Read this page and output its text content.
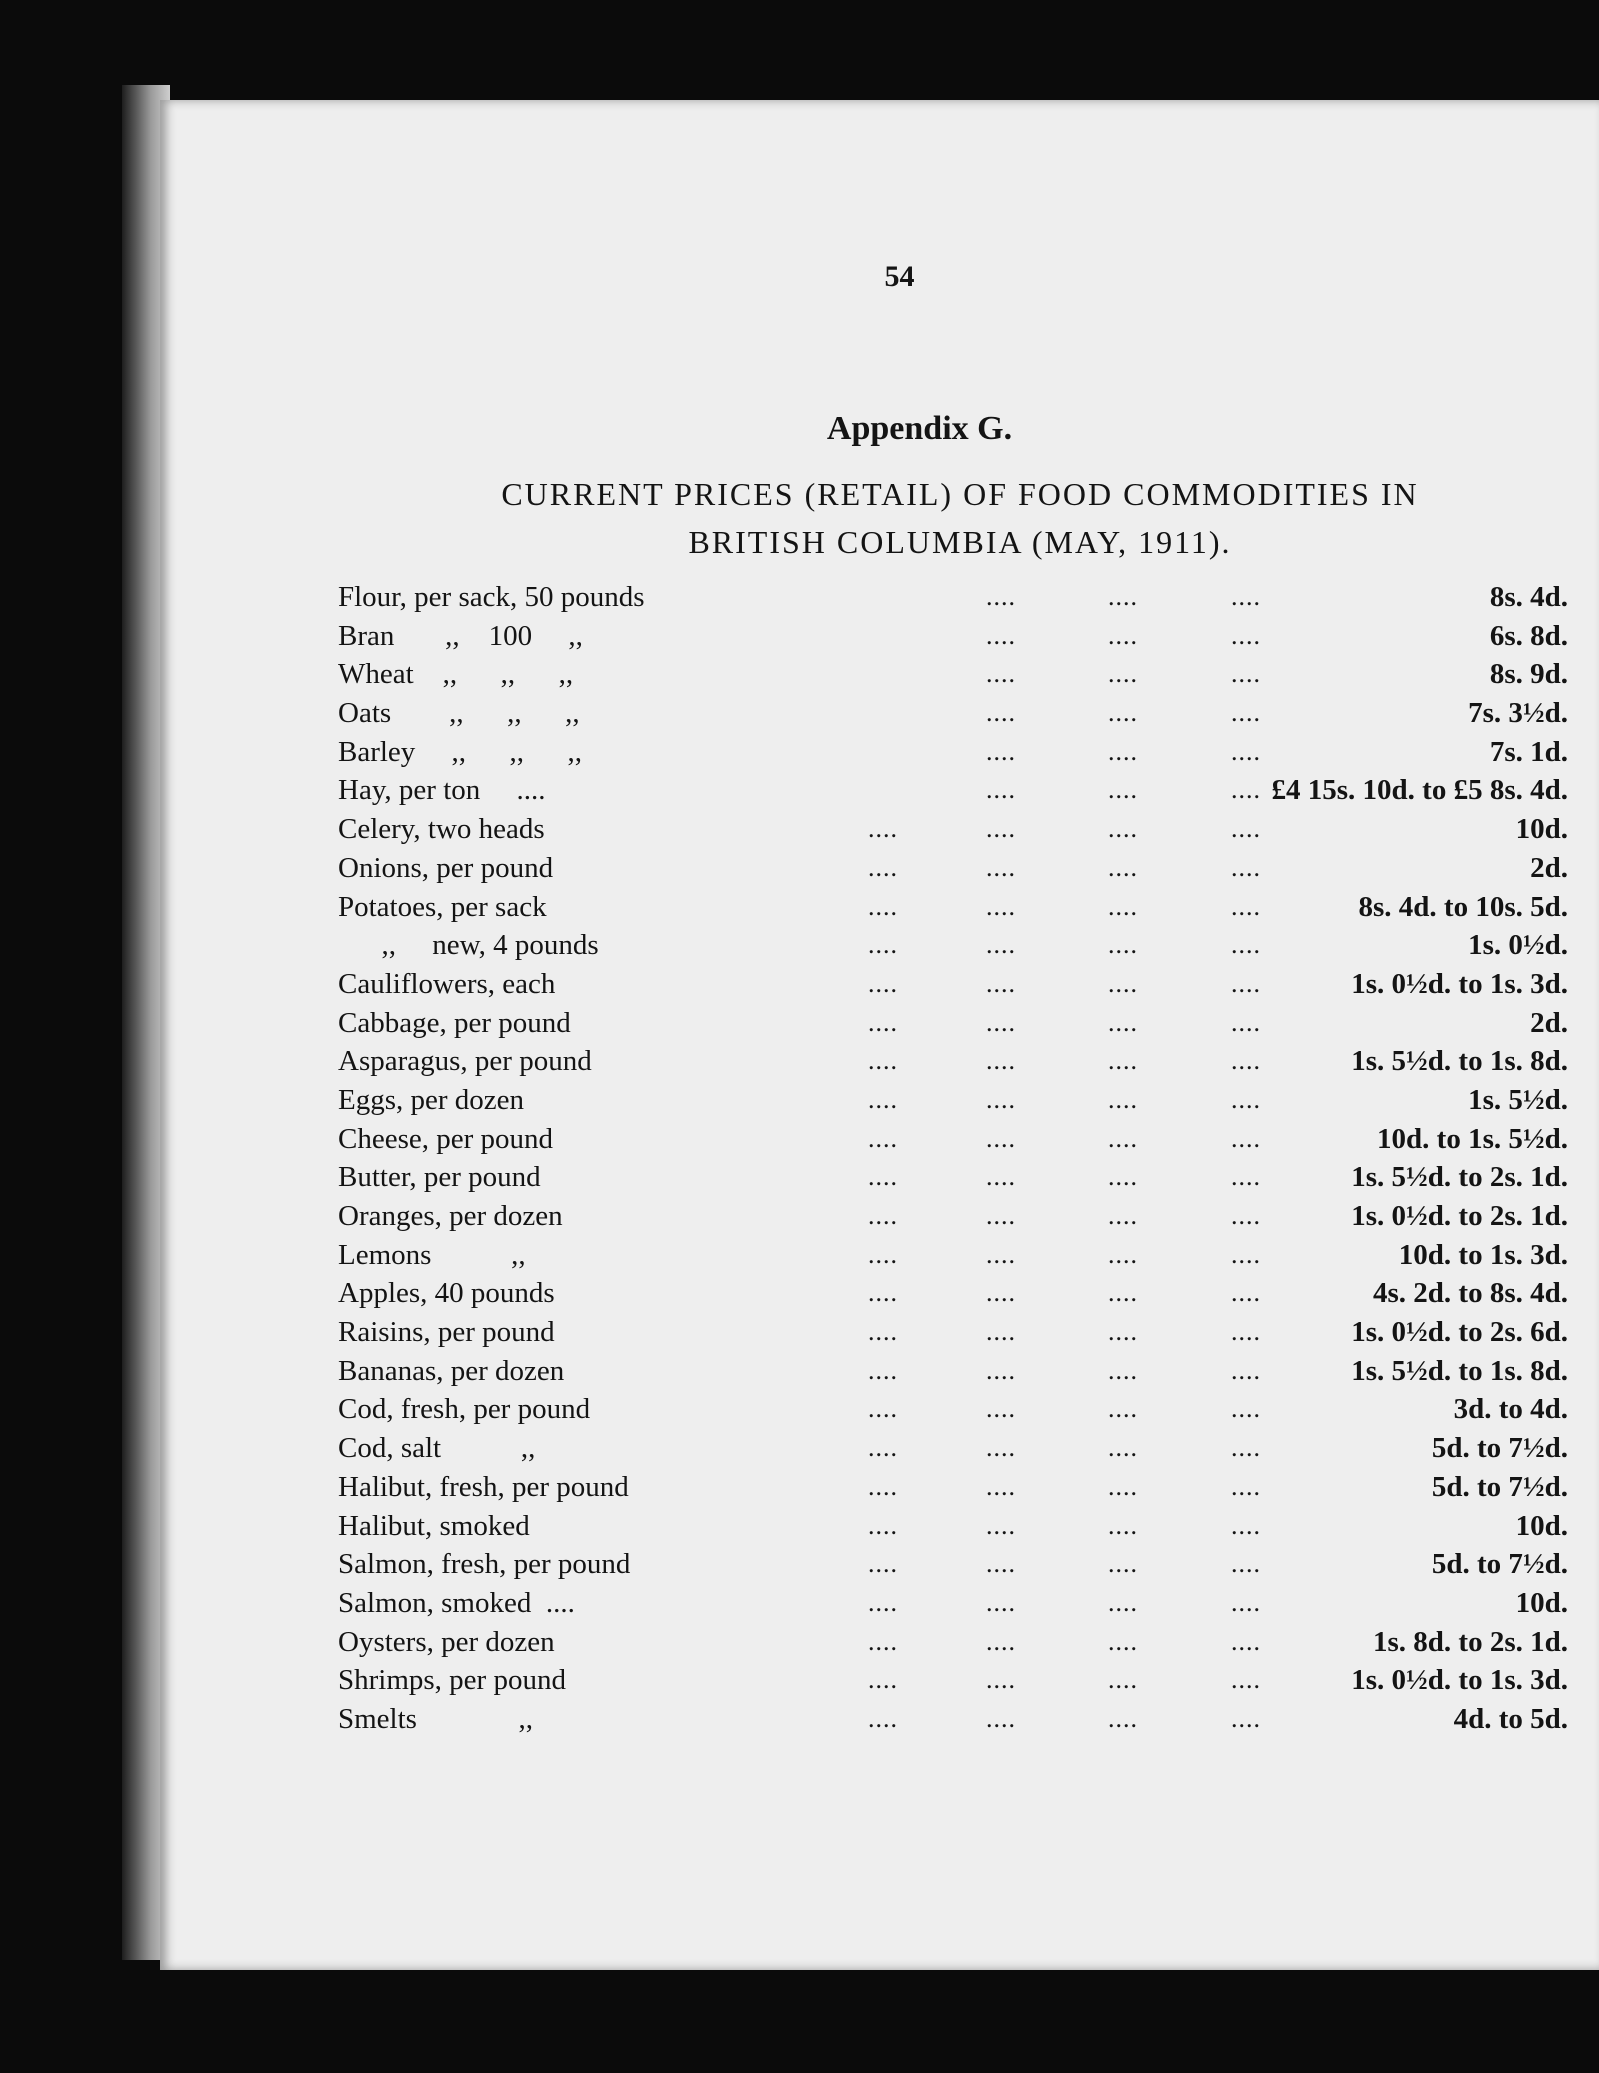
54
Appendix G.
CURRENT PRICES (RETAIL) OF FOOD COMMODITIES IN
BRITISH COLUMBIA (MAY, 1911).
Flour, per sack, 50 pounds	....	....	....	8s. 4d.
Bran       ,,    100     ,,	....	....	....	6s. 8d.
Wheat    ,,      ,,      ,,	....	....	....	8s. 9d.
Oats        ,,      ,,      ,,	....	....	....	7s. 3½d.
Barley     ,,      ,,      ,,	....	....	....	7s. 1d.
Hay, per ton     ....	....	....	.... £4 15s. 10d. to £5 8s. 4d.
Celery, two heads	....	....	....	....	10d.
Onions, per pound	....	....	....	....	2d.
Potatoes, per sack	....	....	....	....	8s. 4d. to 10s. 5d.
,,     new, 4 pounds	....	....	....	....	1s. 0½d.
Cauliflowers, each	....	....	....	....	1s. 0½d. to 1s. 3d.
Cabbage, per pound	....	....	....	....	2d.
Asparagus, per pound	....	....	....	....	1s. 5½d. to 1s. 8d.
Eggs, per dozen	....	....	....	....	1s. 5½d.
Cheese, per pound	....	....	....	....	10d. to 1s. 5½d.
Butter, per pound	....	....	....	....	1s. 5½d. to 2s. 1d.
Oranges, per dozen	....	....	....	....	1s. 0½d. to 2s. 1d.
Lemons           ,,	....	....	....	....	10d. to 1s. 3d.
Apples, 40 pounds	....	....	....	....	4s. 2d. to 8s. 4d.
Raisins, per pound	....	....	....	....	1s. 0½d. to 2s. 6d.
Bananas, per dozen	....	....	....	....	1s. 5½d. to 1s. 8d.
Cod, fresh, per pound	....	....	....	....	3d. to 4d.
Cod, salt           ,,	....	....	....	....	5d. to 7½d.
Halibut, fresh, per pound	....	....	....	....	5d. to 7½d.
Halibut, smoked	....	....	....	....	10d.
Salmon, fresh, per pound	....	....	....	....	5d. to 7½d.
Salmon, smoked  ....	....	....	....	....	10d.
Oysters, per dozen	....	....	....	....	1s. 8d. to 2s. 1d.
Shrimps, per pound	....	....	....	....	1s. 0½d. to 1s. 3d.
Smelts              ,,	....	....	....	....	4d. to 5d.
